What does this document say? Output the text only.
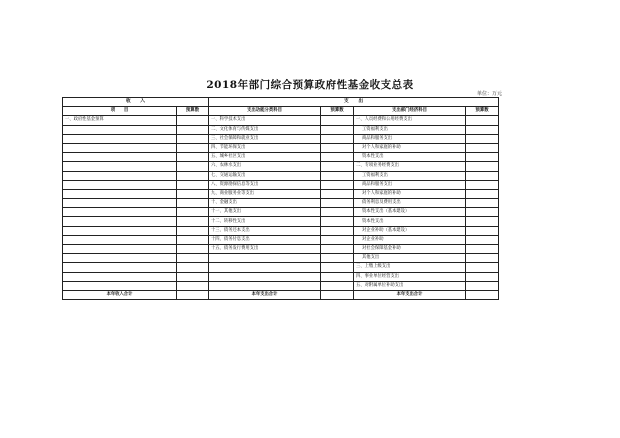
2018年部门综合预算政府性基金收支总表
单位：万元
收　　入		支　　出			
项　　目	预算数	支出功能分类科目	预算数	支出部门经济科目	预算数
一、政府性基金预算		一、科学技术支出		一、人员经费和公用经费支出	
		二、文化体育与传媒支出		工资福利支出	
		三、社会保障和就业支出		商品和服务支出	
		四、节能环保支出		对个人和家庭的补助	
		五、城乡社区支出		资本性支出	
		六、农林水支出		二、专项业务经费支出	
		七、交通运输支出		工资福利支出	
		八、资源勘探信息等支出		商品和服务支出	
		九、商业服务业等支出		对个人和家庭的补助	
		十、金融支出		债务利息及费用支出	
		十一、其他支出		资本性支出（基本建设）	
		十二、转移性支出		资本性支出	
		十三、债务还本支出		对企业补助（基本建设）	
		十四、债务付息支出		对企业补助	
		十五、债务发行费用支出		对社会保障基金补助	
				其他支出	
				三、上缴上级支出	
				四、事业单位经营支出	
				五、对附属单位补助支出	
本年收入合计		本年支出合计		本年支出合计	
